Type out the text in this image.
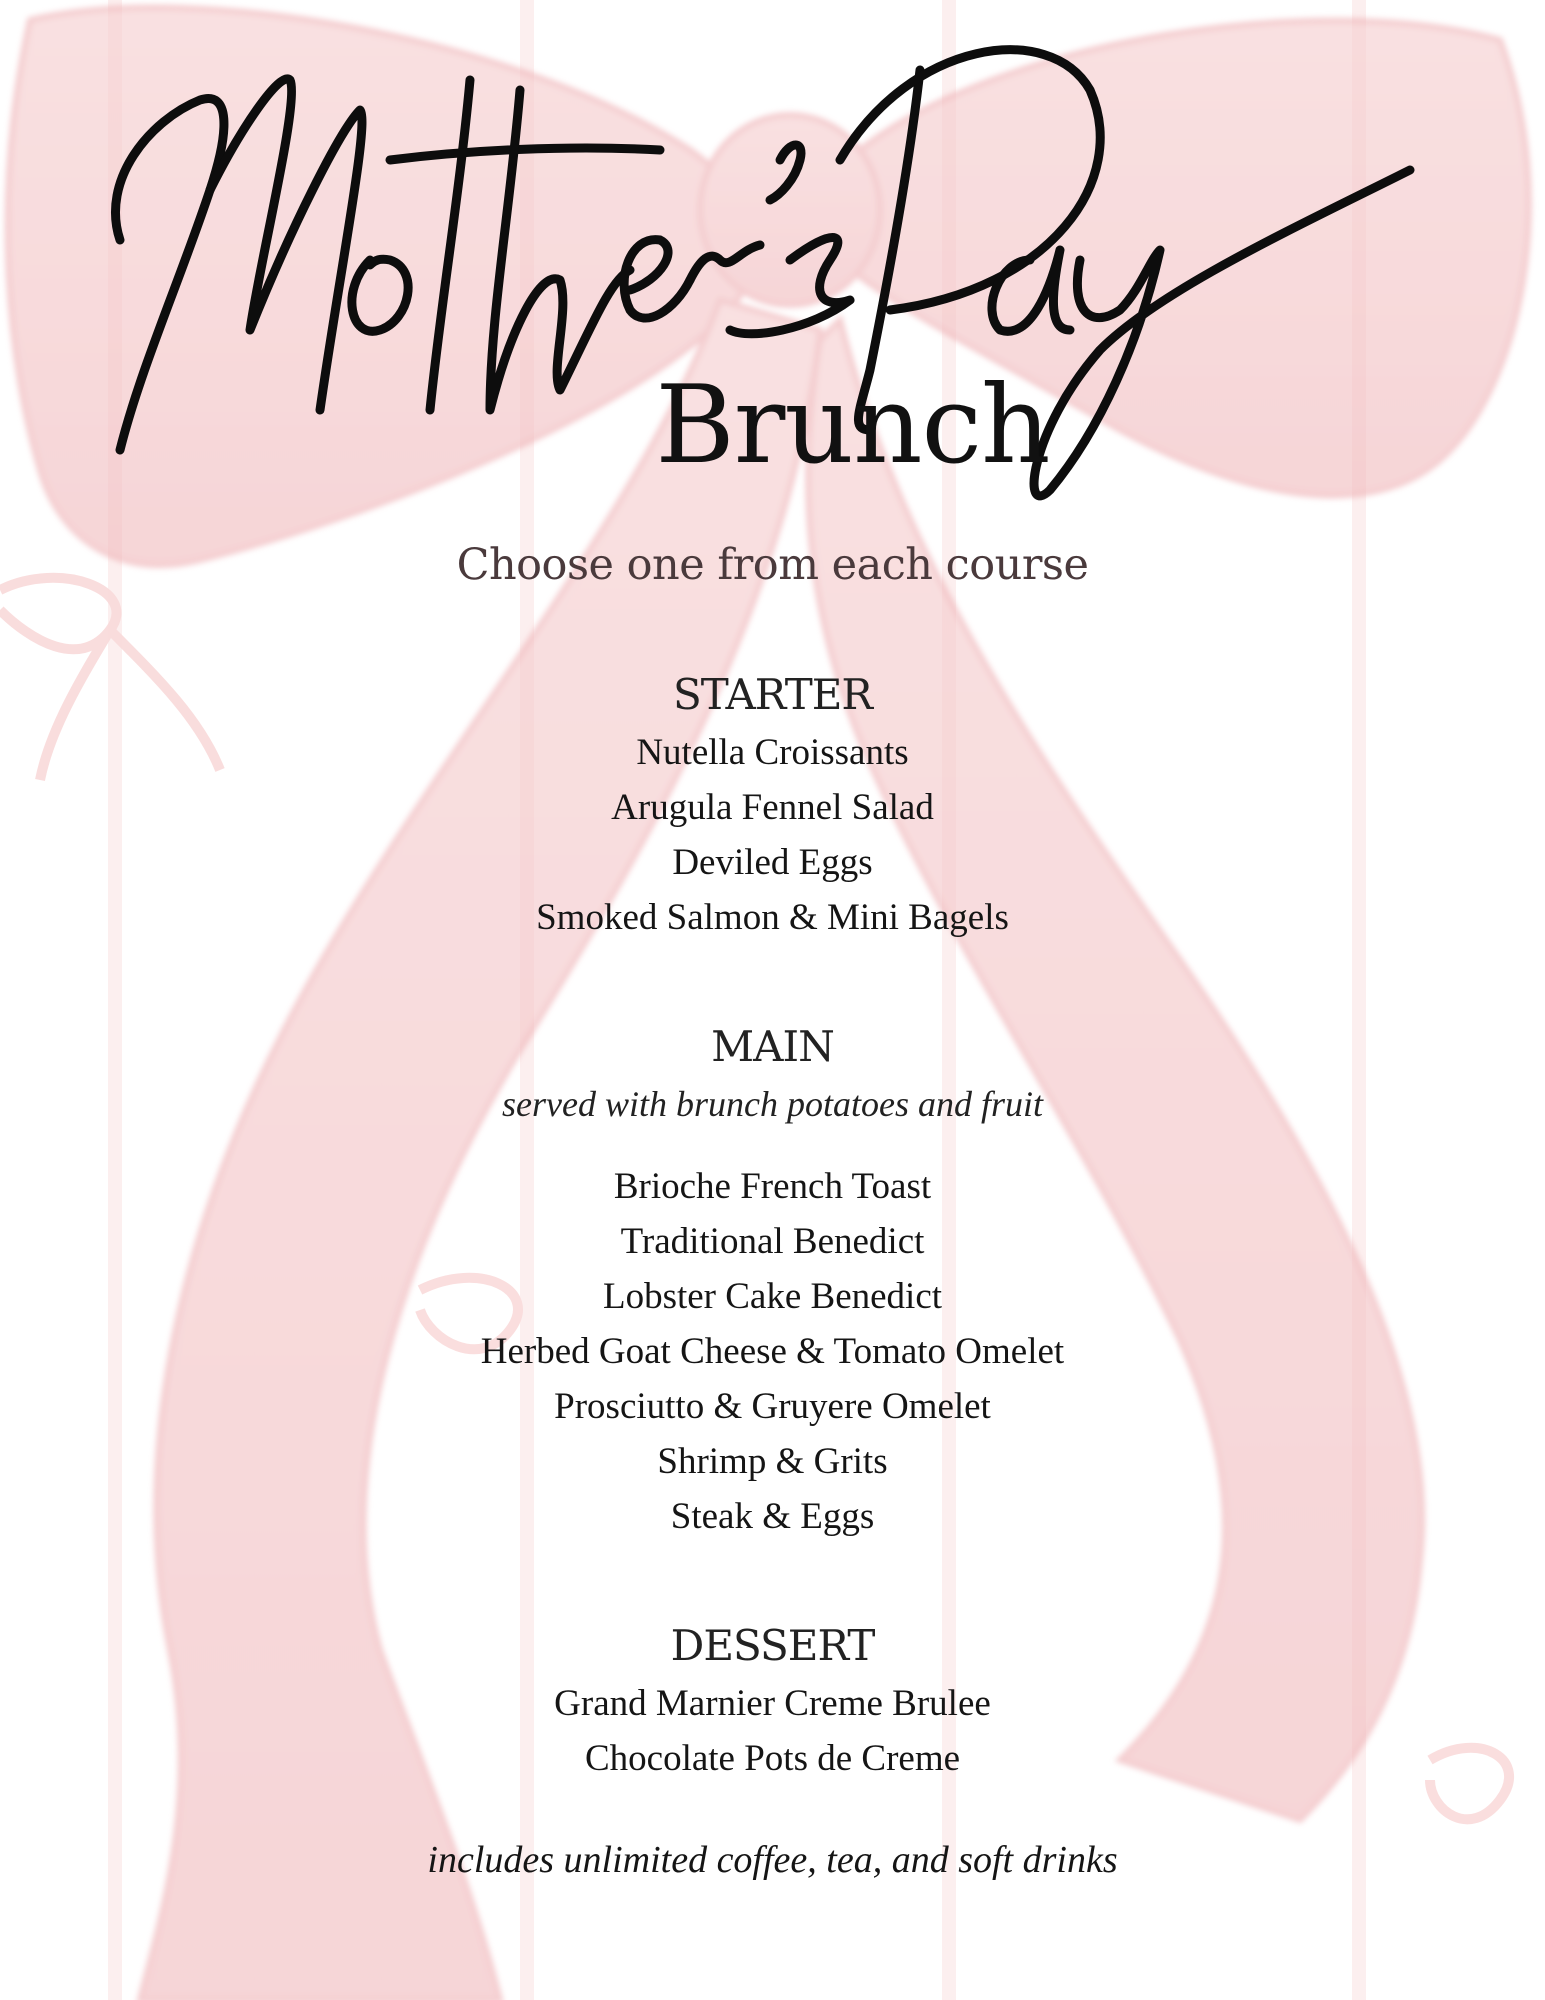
Brunch
Choose one from each course
STARTER
Nutella Croissants
Arugula Fennel Salad
Deviled Eggs
Smoked Salmon & Mini Bagels
MAIN

served with brunch potatoes and fruit

Brioche French Toast
Traditional Benedict
Lobster Cake Benedict
Herbed Goat Cheese & Tomato Omelet
Prosciutto & Gruyere Omelet
Shrimp & Grits
Steak & Eggs
DESSERT
Grand Marnier Creme Brulee
Chocolate Pots de Creme
includes unlimited coffee, tea, and soft drinks
